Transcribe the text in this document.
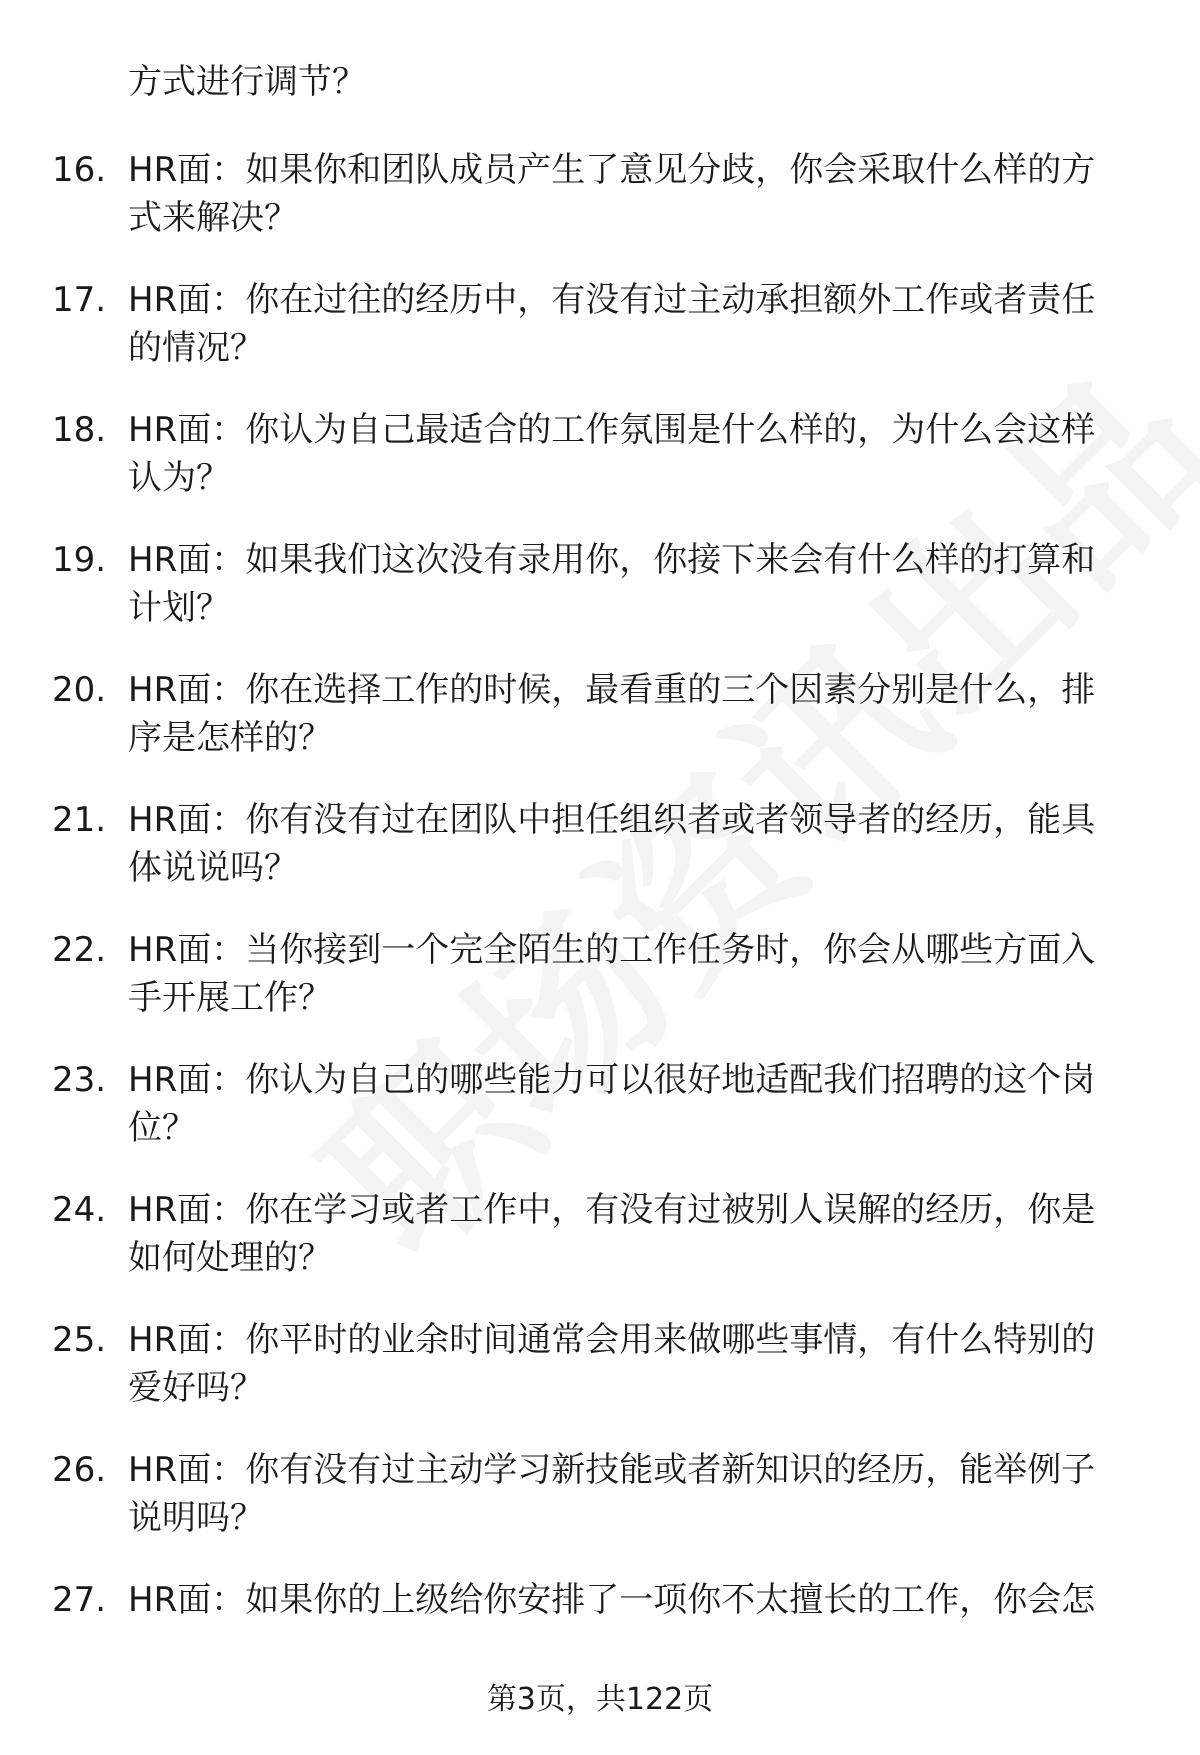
方式进行调节？
16. HR面：如果你和团队成员产生了意见分歧，你会采取什么样的方
式来解决？
17. HR面：你在过往的经历中，有没有过主动承担额外工作或者责任
的情况？
18. HR面：你认为自己最适合的工作氛围是什么样的，为什么会这样
认为？
19. HR面：如果我们这次没有录用你，你接下来会有什么样的打算和
计划？
20. HR面：你在选择工作的时候，最看重的三个因素分别是什么，排
序是怎样的？
21. HR面：你有没有过在团队中担任组织者或者领导者的经历，能具
体说说吗？
22. HR面：当你接到一个完全陌生的工作任务时，你会从哪些方面入
手开展工作？
23. HR面：你认为自己的哪些能力可以很好地适配我们招聘的这个岗
位？
24. HR面：你在学习或者工作中，有没有过被别人误解的经历，你是
如何处理的？
25. HR面：你平时的业余时间通常会用来做哪些事情，有什么特别的
爱好吗？
26. HR面：你有没有过主动学习新技能或者新知识的经历，能举例子
说明吗？
27. HR面：如果你的上级给你安排了一项你不太擅长的工作，你会怎
第3页，共122页
